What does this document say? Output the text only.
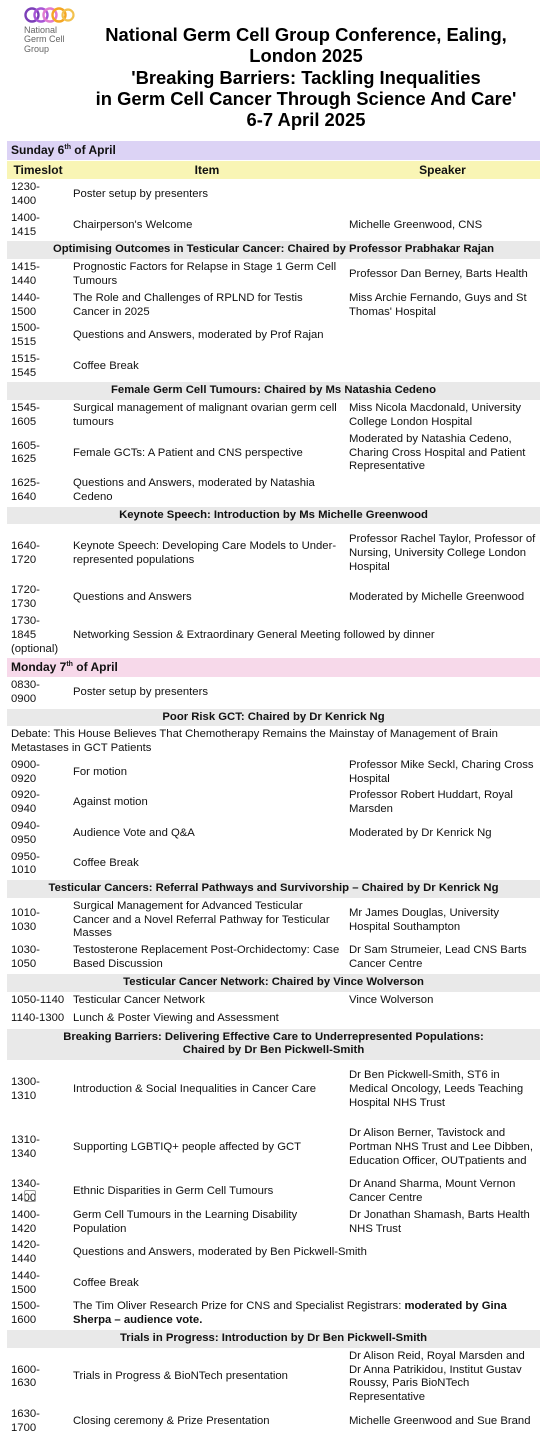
National
Germ Cell
Group
National Germ Cell Group Conference, Ealing,
London 2025
'Breaking Barriers: Tackling Inequalities
in Germ Cell Cancer Through Science And Care'
6-7 April 2025
Sunday 6th of April		
Timeslot	Item	Speaker
1230-1400	Poster setup by presenters	
1400-1415	Chairperson's Welcome	Michelle Greenwood, CNS
Optimising Outcomes in Testicular Cancer: Chaired by Professor Prabhakar Rajan		
1415-1440	Prognostic Factors for Relapse in Stage 1 Germ Cell Tumours	Professor Dan Berney, Barts Health
1440-1500	The Role and Challenges of RPLND for Testis Cancer in 2025	Miss Archie Fernando, Guys and St Thomas' Hospital
1500-1515	Questions and Answers, moderated by Prof Rajan	
1515-1545	Coffee Break	
Female Germ Cell Tumours: Chaired by Ms Natashia Cedeno		
1545-1605	Surgical management of malignant ovarian germ cell tumours	Miss Nicola Macdonald, University College London Hospital
1605-1625	Female GCTs: A Patient and CNS perspective	Moderated by Natashia Cedeno, Charing Cross Hospital and Patient Representative
1625-1640	Questions and Answers, moderated by Natashia Cedeno	
Keynote Speech: Introduction by Ms Michelle Greenwood		
1640-1720	Keynote Speech: Developing Care Models to Under-represented populations	Professor Rachel Taylor, Professor of Nursing, University College London Hospital
1720-1730	Questions and Answers	Moderated by Michelle Greenwood
1730-1845 (optional)	Networking Session & Extraordinary General Meeting followed by dinner	
Monday 7th of April		
0830-0900	Poster setup by presenters	
Poor Risk GCT: Chaired by Dr Kenrick Ng		
Debate: This House Believes That Chemotherapy Remains the Mainstay of Management of Brain Metastases in GCT Patients		
0900-0920	For motion	Professor Mike Seckl, Charing Cross Hospital
0920-0940	Against motion	Professor Robert Huddart, Royal Marsden
0940-0950	Audience Vote and Q&A	Moderated by Dr Kenrick Ng
0950-1010	Coffee Break	
Testicular Cancers: Referral Pathways and Survivorship – Chaired by Dr Kenrick Ng		
1010-1030	Surgical Management for Advanced Testicular Cancer and a Novel Referral Pathway for Testicular Masses	Mr James Douglas, University Hospital Southampton
1030-1050	Testosterone Replacement Post-Orchidectomy: Case Based Discussion	Dr Sam Strumeier, Lead CNS Barts Cancer Centre
Testicular Cancer Network: Chaired by Vince Wolverson		
1050-1140	Testicular Cancer Network	Vince Wolverson
1140-1300	Lunch & Poster Viewing and Assessment	

Breaking Barriers: Delivering Effective Care to Underrepresented Populations:
Chaired by Dr Ben Pickwell-Smith		

1300-1310	Introduction & Social Inequalities in Cancer Care	Dr Ben Pickwell-Smith, ST6 in Medical Oncology, Leeds Teaching Hospital NHS Trust
1310-1340	Supporting LGBTIQ+ people affected by GCT	Dr Alison Berner, Tavistock and Portman NHS Trust and Lee Dibben, Education Officer, OUTpatients and
1340-1400	Ethnic Disparities in Germ Cell Tumours	Dr Anand Sharma, Mount Vernon Cancer Centre
1400-1420	Germ Cell Tumours in the Learning Disability Population	Dr Jonathan Shamash, Barts Health NHS Trust
1420-1440	Questions and Answers, moderated by Ben Pickwell-Smith	
1440-1500	Coffee Break	
1500-1600	The Tim Oliver Research Prize for CNS and Specialist Registrars: moderated by Gina Sherpa – audience vote.	
Trials in Progress: Introduction by Dr Ben Pickwell-Smith		
1600-1630	Trials in Progress & BioNTech presentation	Dr Alison Reid, Royal Marsden and Dr Anna Patrikidou, Institut Gustav Roussy, Paris BioNTech Representative
1630-1700	Closing ceremony & Prize Presentation	Michelle Greenwood and Sue Brand
